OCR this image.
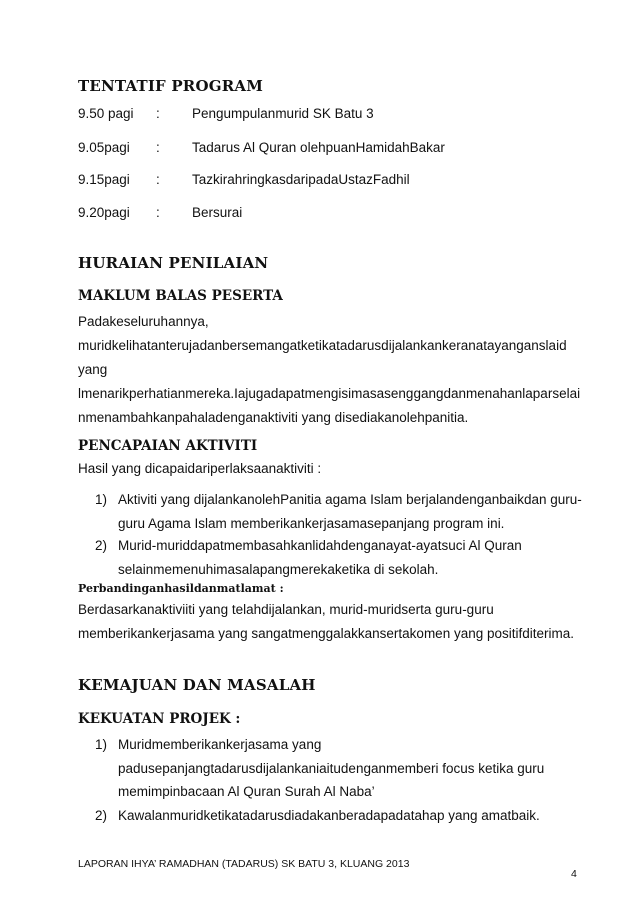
TENTATIF PROGRAM
9.50 pagi : Pengumpulanmurid SK Batu 3
9.05pagi : Tadarus Al Quran olehpuanHamidahBakar
9.15pagi : TazkirahringkasdaripadaUstazFadhil
9.20pagi : Bersurai
HURAIAN PENILAIAN
MAKLUM BALAS PESERTA
Padakeseluruhannya,
muridkelihatanterujadanbersemangatketikatadarusdijalankankeranatayanganslaid
yang
lmenarikperhatianmereka.Iajugadapatmengisimasasenggangdanmenahanlaparselai
nmenambahkanpahaladenganaktiviti yang disediakanolehpanitia.
PENCAPAIAN AKTIVITI
Hasil yang dicapaidariperlaksaanaktiviti :
1) Aktiviti yang dijalankanolehPanitia agama Islam berjalandenganbaikdan guru-
guru Agama Islam memberikankerjasamasepanjang program ini.
2) Murid-muriddapatmembasahkanlidahdenganayat-ayatsuci Al Quran
selainmemenuhimasalapangmerekaketika di sekolah.
Perbandinganhasildanmatlamat :
Berdasarkanaktiviiti yang telahdijalankan, murid-muridserta guru-guru
memberikankerjasama yang sangatmenggalakkansertakomen yang positifditerima.
KEMAJUAN DAN MASALAH
KEKUATAN PROJEK :
1) Muridmemberikankerjasama yang
padusepanjangtadarusdijalankaniaitudenganmemberi focus ketika guru
memimpinbacaan Al Quran Surah Al Naba’
2) Kawalanmuridketikatadarusdiadakanberadapadatahap yang amatbaik.
LAPORAN IHYA’ RAMADHAN (TADARUS) SK BATU 3, KLUANG 2013
4
